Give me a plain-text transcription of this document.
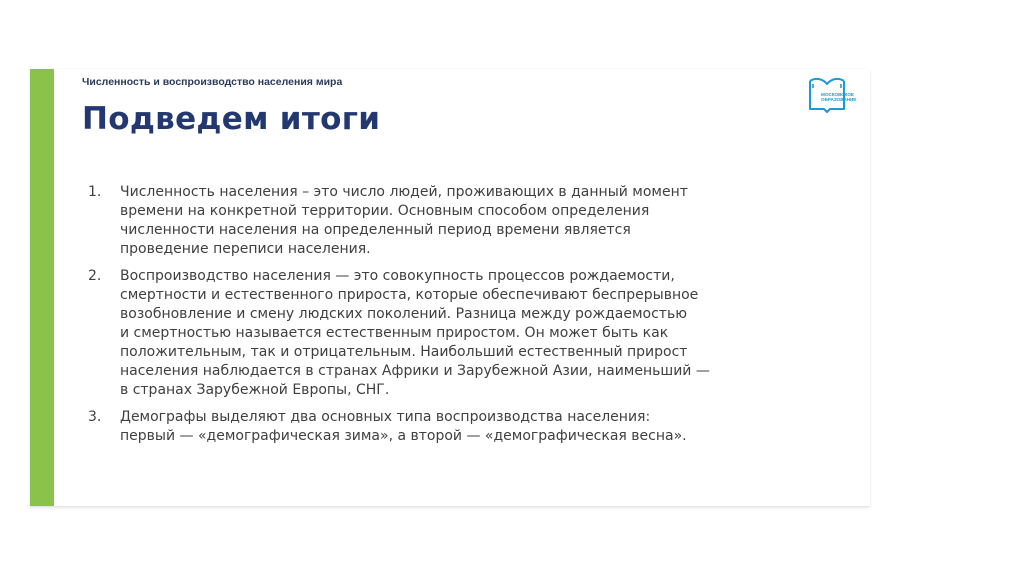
Численность и воспроизводство населения мира
Подведем итоги
МОСКОВСКОЕ
ОБРАЗОВАНИЕ
1. Численность населения – это число людей, проживающих в данный момент
времени на конкретной территории. Основным способом определения
численности населения на определенный период времени является
проведение переписи населения.
2. Воспроизводство населения — это совокупность процессов рождаемости,
смертности и естественного прироста, которые обеспечивают беспрерывное
возобновление и смену людских поколений. Разница между рождаемостью
и смертностью называется естественным приростом. Он может быть как
положительным, так и отрицательным. Наибольший естественный прирост
населения наблюдается в странах Африки и Зарубежной Азии, наименьший —
в странах Зарубежной Европы, СНГ.
3. Демографы выделяют два основных типа воспроизводства населения:
первый — «демографическая зима», а второй — «демографическая весна».
